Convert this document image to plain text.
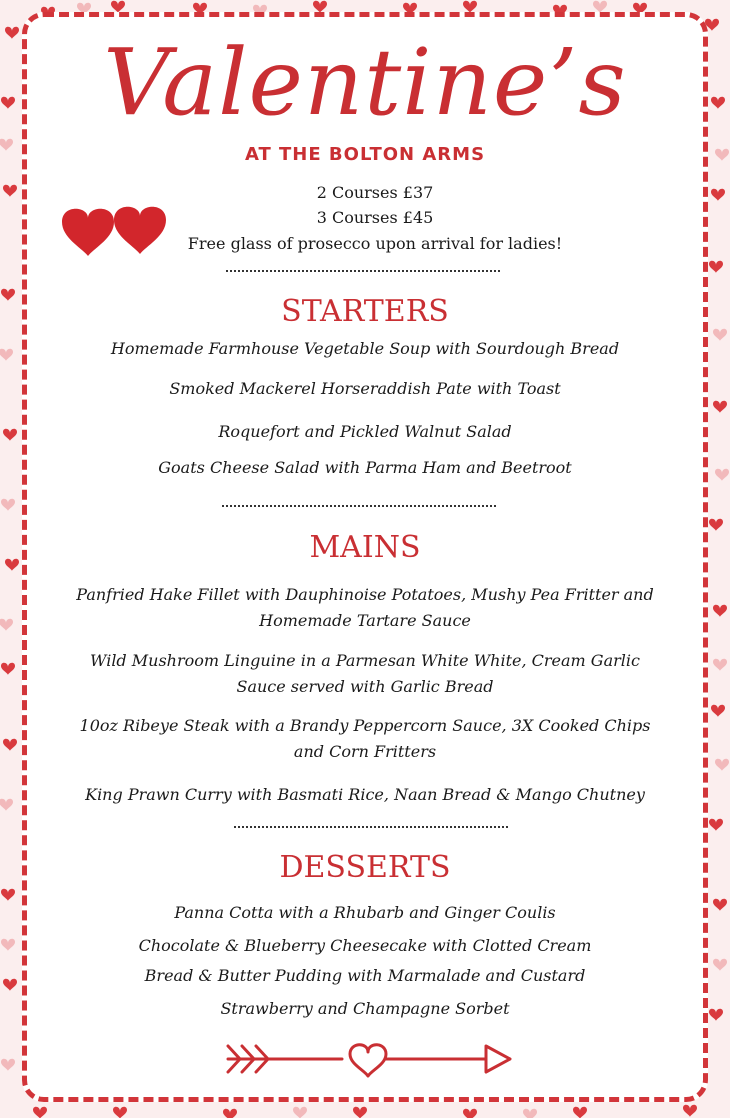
Valentine’s
AT THE BOLTON ARMS
2 Courses £37
3 Courses £45
Free glass of prosecco upon arrival for ladies!
STARTERS
Homemade Farmhouse Vegetable Soup with Sourdough Bread
Smoked Mackerel Horseraddish Pate with Toast
Roquefort and Pickled Walnut Salad
Goats Cheese Salad with Parma Ham and Beetroot
MAINS
Panfried Hake Fillet with Dauphinoise Potatoes, Mushy Pea Fritter and
Homemade Tartare Sauce
Wild Mushroom Linguine in a Parmesan White White, Cream Garlic
Sauce served with Garlic Bread
10oz Ribeye Steak with a Brandy Peppercorn Sauce, 3X Cooked Chips
and Corn Fritters
King Prawn Curry with Basmati Rice, Naan Bread & Mango Chutney
DESSERTS
Panna Cotta with a Rhubarb and Ginger Coulis
Chocolate & Blueberry Cheesecake with Clotted Cream
Bread & Butter Pudding with Marmalade and Custard
Strawberry and Champagne Sorbet
